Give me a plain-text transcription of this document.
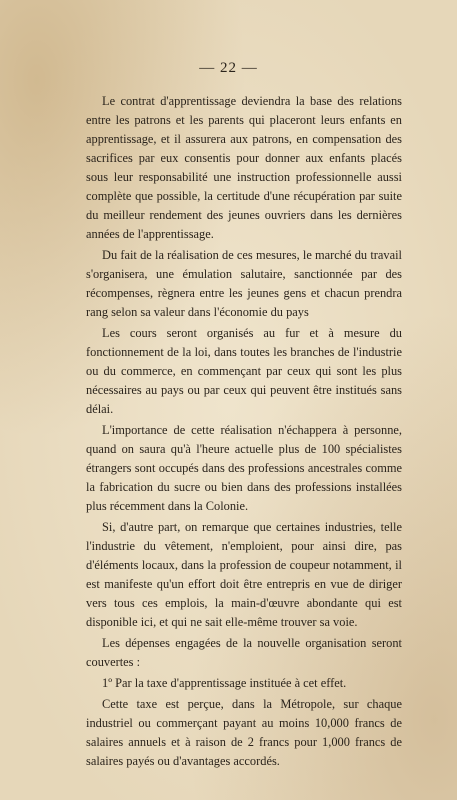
— 22 —

Le contrat d'apprentissage deviendra la base des relations entre les patrons et les parents qui placeront leurs enfants en apprentissage, et il assurera aux patrons, en compensation des sacrifices par eux consentis pour donner aux enfants placés sous leur responsabilité une instruction professionnelle aussi complète que possible, la certitude d'une récupération par suite du meilleur rendement des jeunes ouvriers dans les dernières années de l'apprentissage.

Du fait de la réalisation de ces mesures, le marché du travail s'organisera, une émulation salutaire, sanctionnée par des récompenses, règnera entre les jeunes gens et chacun prendra rang selon sa valeur dans l'économie du pays

Les cours seront organisés au fur et à mesure du fonctionnement de la loi, dans toutes les branches de l'industrie ou du commerce, en commençant par ceux qui sont les plus nécessaires au pays ou par ceux qui peuvent être institués sans délai.

L'importance de cette réalisation n'échappera à personne, quand on saura qu'à l'heure actuelle plus de 100 spécialistes étrangers sont occupés dans des professions ancestrales comme la fabrication du sucre ou bien dans des professions installées plus récemment dans la Colonie.

Si, d'autre part, on remarque que certaines industries, telle l'industrie du vêtement, n'emploient, pour ainsi dire, pas d'éléments locaux, dans la profession de coupeur notamment, il est manifeste qu'un effort doit être entrepris en vue de diriger vers tous ces emplois, la main-d'œuvre abondante qui est disponible ici, et qui ne sait elle-même trouver sa voie.

Les dépenses engagées de la nouvelle organisation seront couvertes :

1º Par la taxe d'apprentissage instituée à cet effet.

Cette taxe est perçue, dans la Métropole, sur chaque industriel ou commerçant payant au moins 10,000 francs de salaires annuels et à raison de 2 francs pour 1,000 francs de salaires payés ou d'avantages accordés.
